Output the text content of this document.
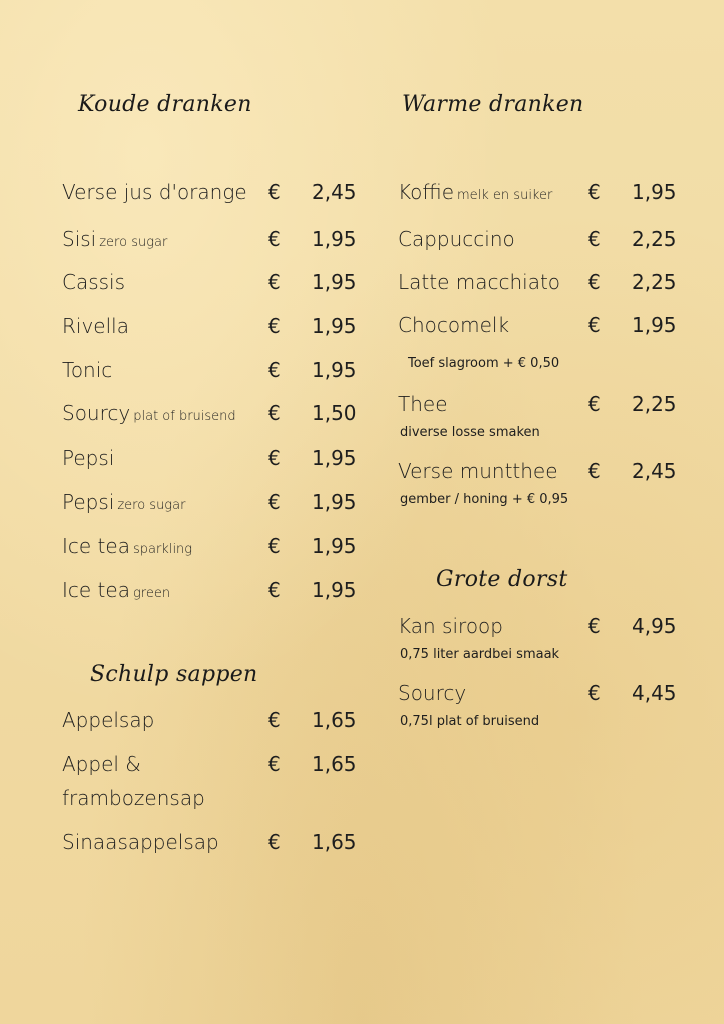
Koude dranken
Verse jus d'orange € 2,45
Sisi zero sugar	€ 1,95
Cassis	€ 1,95
Rivella	€ 1,95
Tonic	€ 1,95
Sourcy plat of bruisend € 1,50
Pepsi	€ 1,95
Pepsi zero sugar	€ 1,95
Ice tea sparkling	€ 1,95
Ice tea green	€ 1,95
Schulp sappen
Appelsap	€ 1,65
Appel &
frambozensap
€ 1,65
Sinaasappelsap € 1,65
Warme dranken
Koffie melk en suiker € 1,95
Cappuccino	€ 2,25
Latte macchiato € 2,25
Chocomelk	€ 1,95
Toef slagroom + € 0,50
Thee	€ 2,25
diverse losse smaken
Verse muntthee € 2,45
gember / honing + € 0,95
Grote dorst
Kan siroop	€ 4,95
0,75 liter aardbei smaak
Sourcy	€ 4,45
0,75l plat of bruisend
